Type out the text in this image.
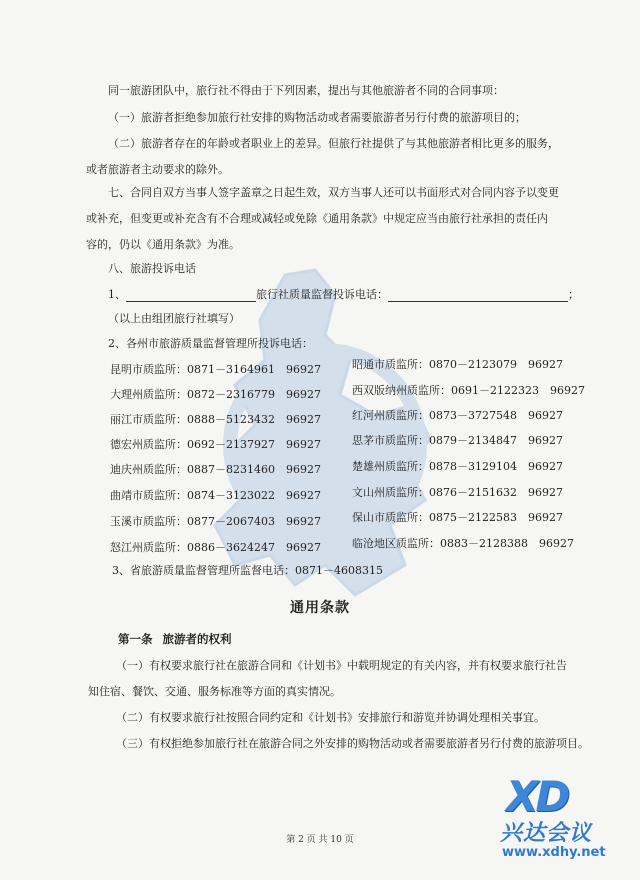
同一旅游团队中，旅行社不得由于下列因素，提出与其他旅游者不同的合同事项：
（一）旅游者拒绝参加旅行社安排的购物活动或者需要旅游者另行付费的旅游项目的；
（二）旅游者存在的年龄或者职业上的差异。但旅行社提供了与其他旅游者相比更多的服务，
或者旅游者主动要求的除外。
七、合同自双方当事人签字盖章之日起生效，双方当事人还可以书面形式对合同内容予以变更
或补充，但变更或补充含有不合理或减轻或免除《通用条款》中规定应当由旅行社承担的责任内
容的，仍以《通用条款》为准。
八、旅游投诉电话
1、	旅行社质量监督投诉电话：	；
（以上由组团旅行社填写）
2、各州市旅游质量监督管理所投诉电话：
昆明市质监所：0871－3164961　96927
大理州质监所：0872－2316779　96927
丽江市质监所：0888－5123432　96927
德宏州质监所：0692－2137927　96927
迪庆州质监所：0887－8231460　96927
曲靖市质监所：0874－3123022　96927
玉溪市质监所：0877－2067403　96927
怒江州质监所：0886－3624247　96927
昭通市质监所：0870－2123079　96927
西双版纳州质监所：0691－2122323　96927
红河州质监所：0873－3727548　96927
思茅市质监所：0879－2134847　96927
楚雄州质监所：0878－3129104　96927
文山州质监所：0876－2151632　96927
保山市质监所：0875－2122583　96927
临沧地区质监所：0883－2128388　96927
3、省旅游质量监督管理所监督电话：0871－4608315
通用条款
第一条 旅游者的权利
（一）有权要求旅行社在旅游合同和《计划书》中载明规定的有关内容，并有权要求旅行社告
知住宿、餐饮、交通、服务标准等方面的真实情况。
（二）有权要求旅行社按照合同约定和《计划书》安排旅行和游览并协调处理相关事宜。
（三）有权拒绝参加旅行社在旅游合同之外安排的购物活动或者需要旅游者另行付费的旅游项目。
第 2 页 共 10 页
XD
兴达会议
www.xdhy.net
